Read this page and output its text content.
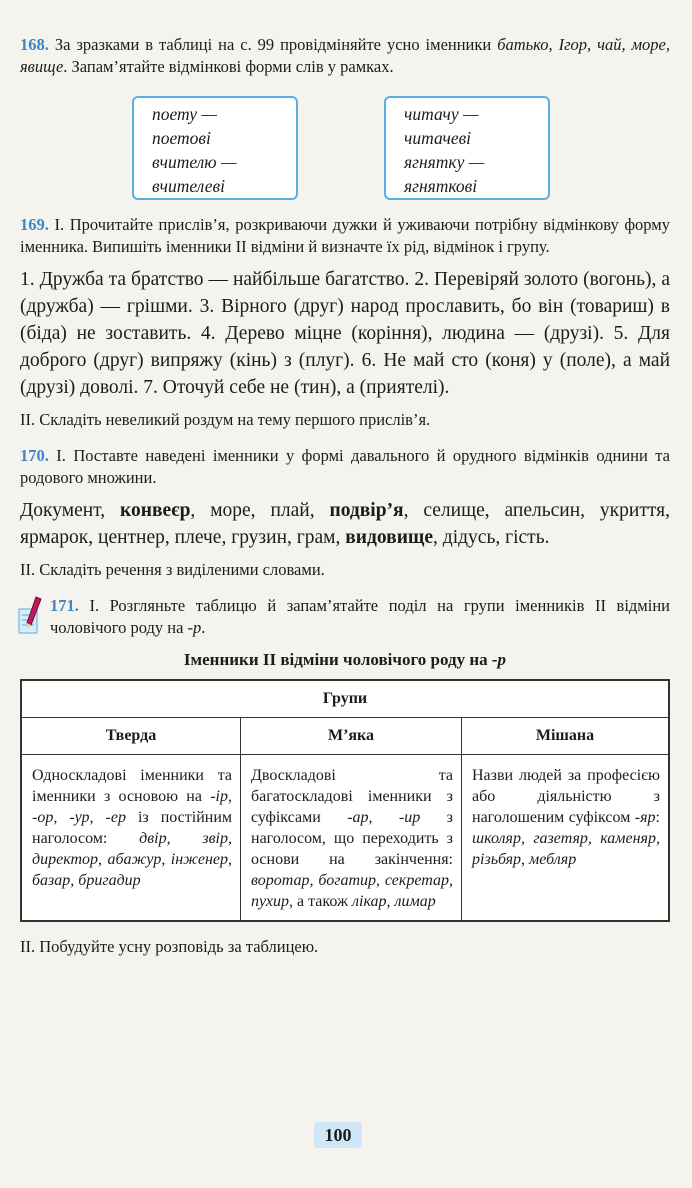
168. За зразками в таблиці на с. 99 провідміняйте усно іменники батько, Ігор, чай, море, явище. Запам’ятайте відмінкові форми слів у рамках.

поету —
поетові
вчителю —
вчителеві
читачу —
читачеві
ягнятку —
ягняткові

169. І. Прочитайте прислів’я, розкриваючи дужки й уживаючи потрібну відмінкову форму іменника. Випишіть іменники ІІ відміни й визначте їх рід, відмінок і групу.

1. Дружба та братство — найбільше багатство. 2. Перевіряй золото (вогонь), а (дружба) — грішми. 3. Вірного (друг) народ прославить, бо він (товариш) в (біда) не зоставить. 4. Дерево міцне (коріння), людина — (друзі). 5. Для доброго (друг) випряжу (кінь) з (плуг). 6. Не май сто (коня) у (поле), а май (друзі) доволі. 7. Оточуй себе не (тин), а (приятелі).

ІІ. Складіть невеликий роздум на тему першого прислів’я.

170. І. Поставте наведені іменники у формі давального й орудного відмінків однини та родового множини.

Документ, конвеєр, море, плай, подвір’я, селище, апельсин, укриття, ярмарок, центнер, плече, грузин, грам, видовище, дідусь, гість.

ІІ. Складіть речення з виділеними словами.

171. І. Розгляньте таблицю й запам’ятайте поділ на групи іменників ІІ відміни чоловічого роду на -р.

Іменники ІІ відміни чоловічого роду на -р
Групи		
Тверда	М’яка	Мішана
Односкладові іменники та іменники з основою на -ір, -ор, -ур, -ер із постійним наголосом: двір, звір, директор, абажур, інженер, базар, бригадир	Двоскладові та багатоскладові іменники з суфіксами -ар, -ир з наголосом, що переходить з основи на закінчення: воротар, богатир, секретар, пухир, а також лікар, лимар	Назви людей за професією або діяльністю з наголошеним суфіксом -яр: школяр, газетяр, каменяр, різьбяр, мебляр

ІІ. Побудуйте усну розповідь за таблицею.

100
